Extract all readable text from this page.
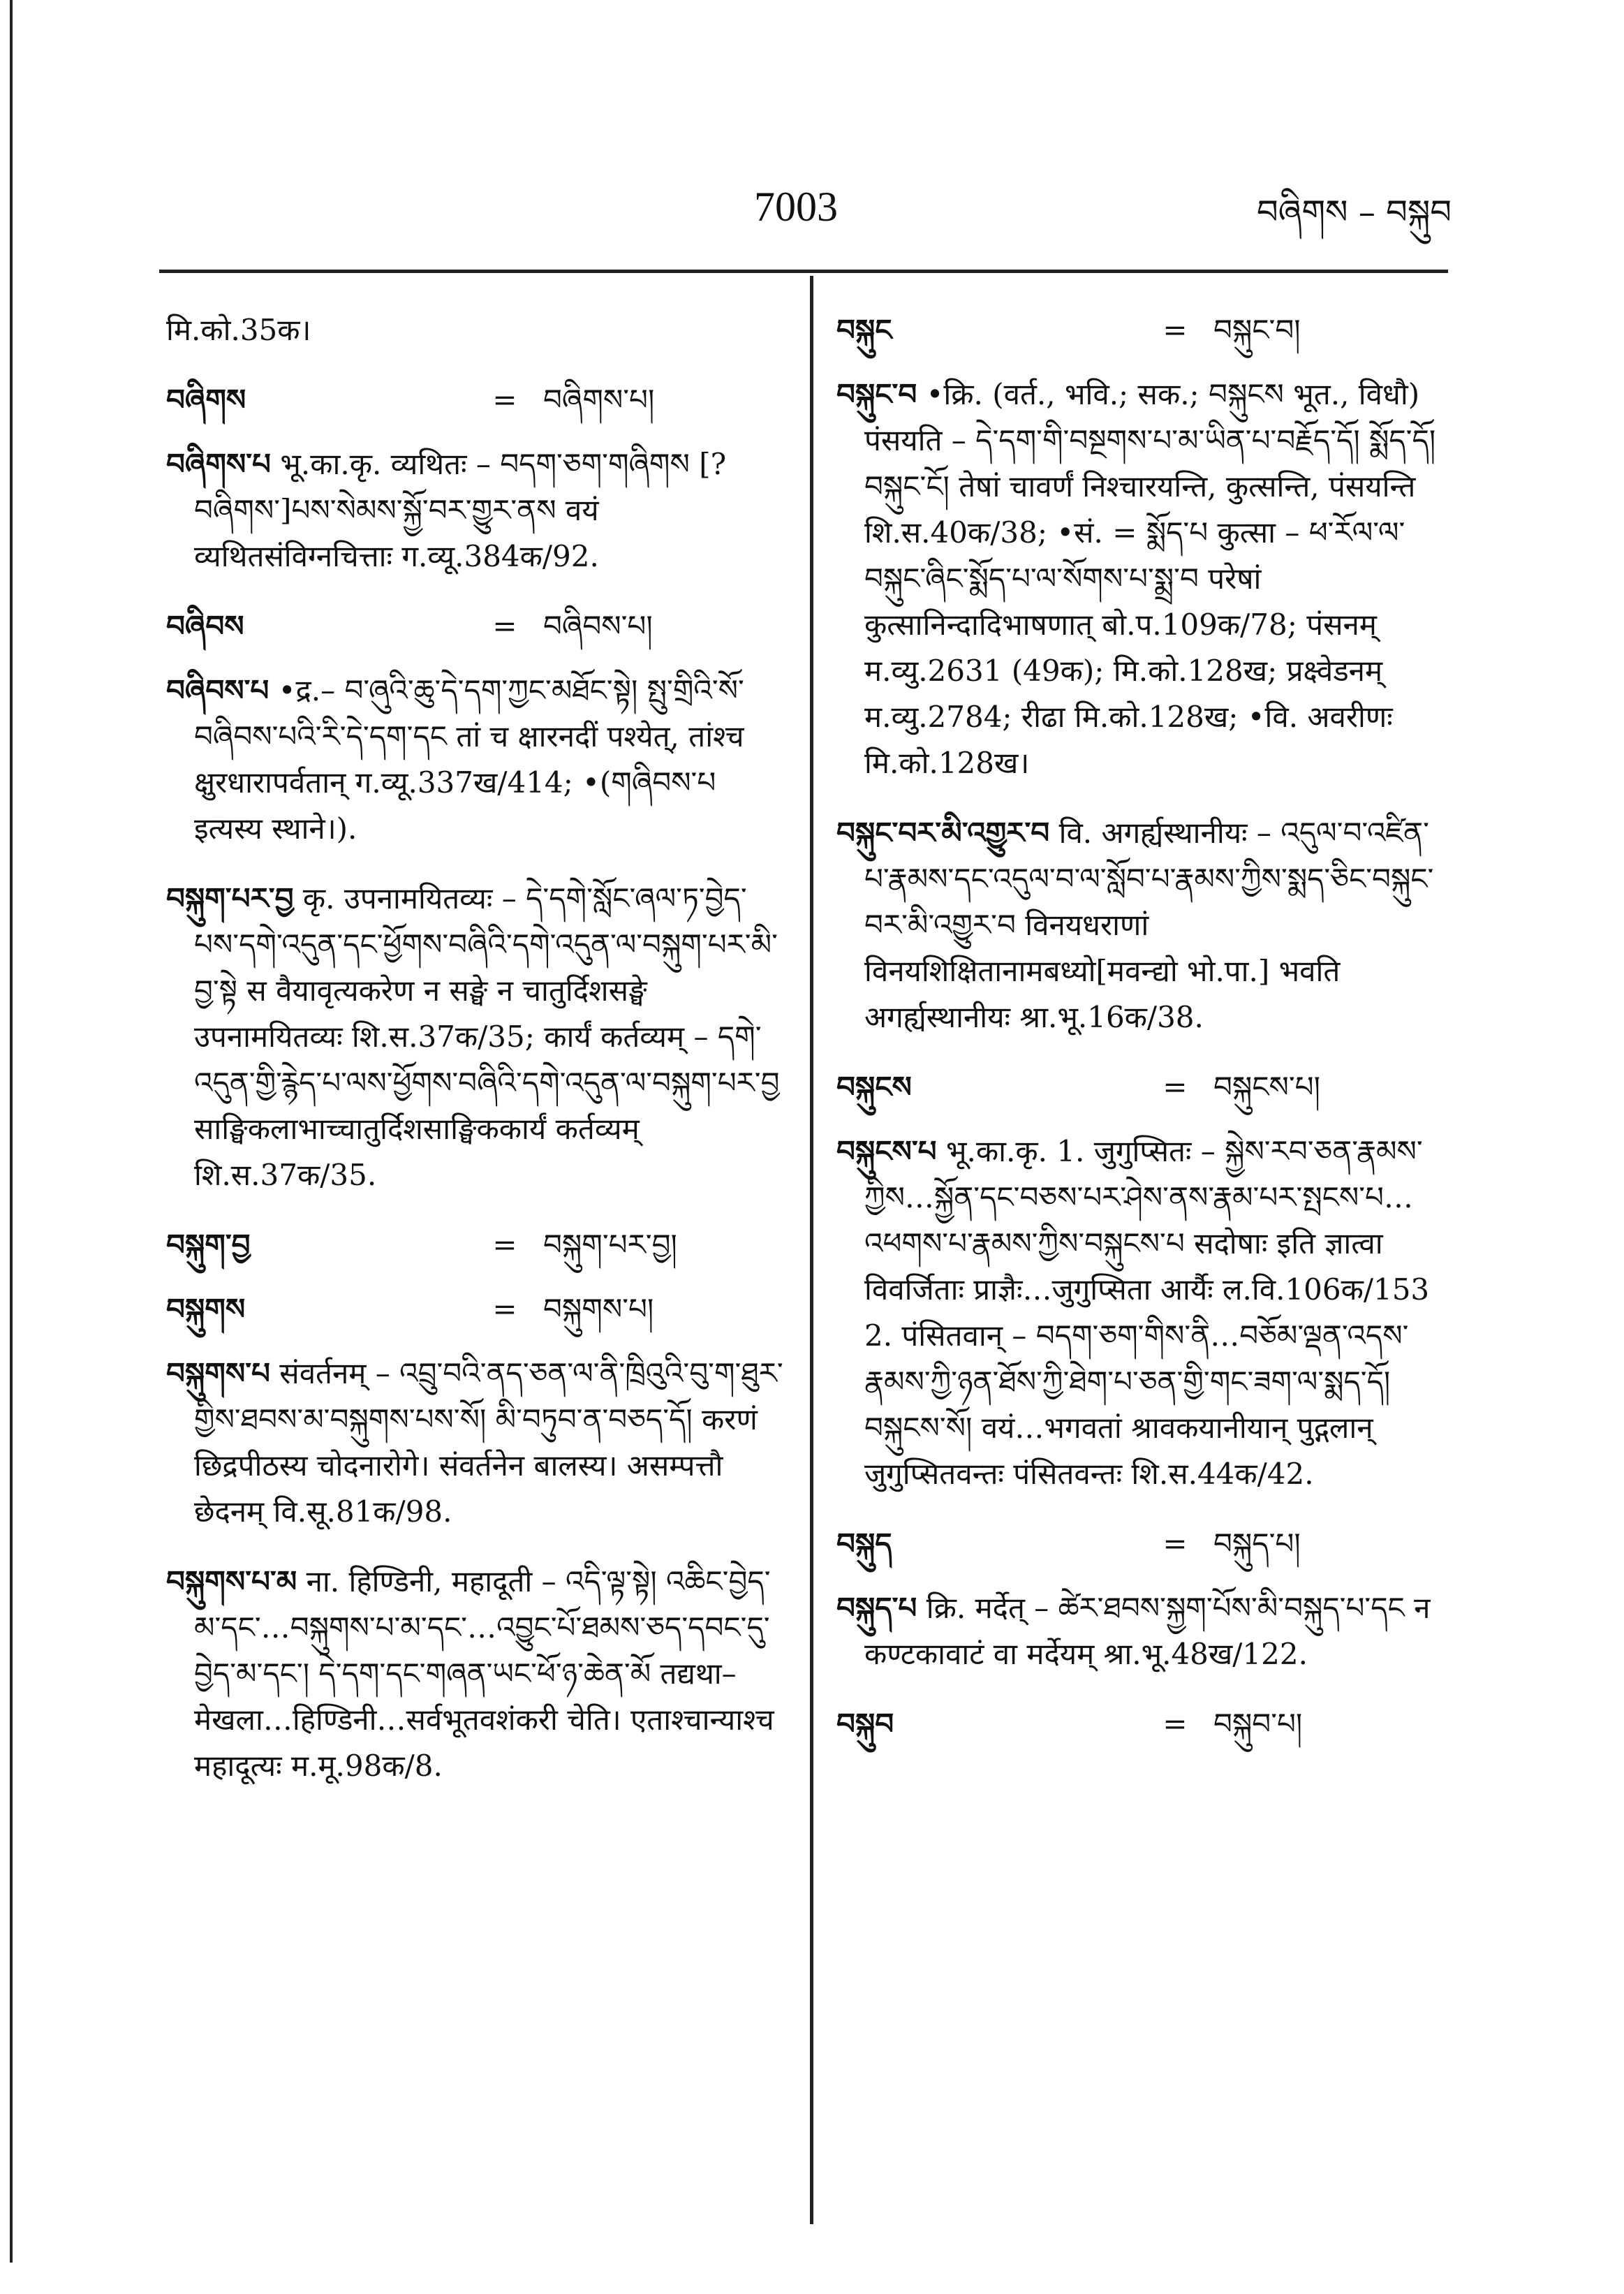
7003	བཞིགས – བསྐུབ
मि.को.35क।
བཞིགས	= བཞིགས་པ།
བཞིགས་པ भू.का.कृ. व्यथितः – བདག་ཅག་གཞིགས [? བཞིགས་]པས་སེམས་སྐྱོ་བར་གྱུར་ནས वयं व्यथितसंविग्नचित्ताः ग.व्यू.384क/92.
བཞིབས	= བཞིབས་པ།
བཞིབས་པ •द्र.– བ་ཞུའི་ཆུ་དེ་དག་ཀྱང་མཐོང་སྟེ། སྤུ་གྲིའི་སོ་བཞིབས་པའི་རི་དེ་དག་དང तां च क्षारनदीं पश्येत्, तांश्च क्षुरधारापर्वतान् ग.व्यू.337ख/414; •(གཞིབས་པ इत्यस्य स्थाने।).
བསྐུག་པར་བྱ कृ. उपनामयितव्यः – དེ་དགེ་སློང་ཞལ་ཏ་བྱེད་པས་དགེ་འདུན་དང་ཕྱོགས་བཞིའི་དགེ་འདུན་ལ་བསྐུག་པར་མི་བྱ་སྟེ स वैयावृत्यकरेण न सङ्घे न चातुर्दिशसङ्घे उपनामयितव्यः शि.स.37क/35; कार्यं कर्तव्यम् – དགེ་འདུན་གྱི་རྙེད་པ་ལས་ཕྱོགས་བཞིའི་དགེ་འདུན་ལ་བསྐུག་པར་བྱ साङ्घिकलाभाच्चातुर्दिशसाङ्घिककार्यं कर्तव्यम् शि.स.37क/35.
བསྐུག་བྱ	= བསྐུག་པར་བྱ།
བསྐུགས	= བསྐུགས་པ།
བསྐུགས་པ संवर्तनम् – འབྲུ་བའི་ནད་ཅན་ལ་ནི་ཁྲིའུའི་བུ་ག་ཐུར་གྱིས་ཐབས་མ་བསྐུགས་པས་སོ། མི་བཏུབ་ན་བཅད་དོ། करणं छिद्रपीठस्य चोदनारोगे। संवर्तनेन बालस्य। असम्पत्तौ छेदनम् वि.सू.81क/98.
བསྐུགས་པ་མ ना. हिण्डिनी, महादूती – འདི་ལྟ་སྟེ། འཆིང་བྱེད་མ་དང་…བསྐུགས་པ་མ་དང་…འབྱུང་པོ་ཐམས་ཅད་དབང་དུ་བྱེད་མ་དང་། དེ་དག་དང་གཞན་ཡང་ཕོ་ཉ་ཆེན་མོ तद्यथा–मेखला…हिण्डिनी…सर्वभूतवशंकरी चेति। एताश्चान्याश्च महादूत्यः म.मू.98क/8.
བསྐུང	= བསྐུང་བ།
བསྐུང་བ •क्रि. (वर्त., भवि.; सक.; བསྐུངས भूत., विधौ) पंसयति – དེ་དག་གི་བསྔགས་པ་མ་ཡིན་པ་བརྗོད་དོ། སྨོད་དོ། བསྐུང་ངོ། तेषां चावर्णं निश्चारयन्ति, कुत्सन्ति, पंसयन्ति शि.स.40क/38; •सं. = སྨོད་པ कुत्सा – ཕ་རོལ་ལ་བསྐུང་ཞིང་སྨོད་པ་ལ་སོགས་པ་སྨྲ་བ परेषां कुत्सानिन्दादिभाषणात् बो.प.109क/78; पंसनम् म.व्यु.2631 (49क); मि.को.128ख; प्रक्ष्वेडनम् म.व्यु.2784; रीढा मि.को.128ख; •वि. अवरीणः मि.को.128ख।
བསྐུང་བར་མི་འགྱུར་བ वि. अगर्ह्यस्थानीयः – འདུལ་བ་འཛིན་པ་རྣམས་དང་འདུལ་བ་ལ་སློབ་པ་རྣམས་ཀྱིས་སྨད་ཅིང་བསྐུང་བར་མི་འགྱུར་བ विनयधराणां विनयशिक्षितानामबध्यो[मवन्द्यो भो.पा.] भवति अगर्ह्यस्थानीयः श्रा.भू.16क/38.
བསྐུངས	= བསྐུངས་པ།
བསྐུངས་པ भू.का.कृ. 1. जुगुप्सितः – སྐྱེས་རབ་ཅན་རྣམས་ཀྱིས…སྐྱོན་དང་བཅས་པར་ཤེས་ནས་རྣམ་པར་སྤངས་པ…འཕགས་པ་རྣམས་ཀྱིས་བསྐུངས་པ सदोषाः इति ज्ञात्वा विवर्जिताः प्राज्ञैः…जुगुप्सिता आर्यैः ल.वि.106क/153 2. पंसितवान् – བདག་ཅག་གིས་ནི…བཅོམ་ལྡན་འདས་རྣམས་ཀྱི་ཉན་ཐོས་ཀྱི་ཐེག་པ་ཅན་གྱི་གང་ཟག་ལ་སྨད་དོ། བསྐུངས་སོ། वयं…भगवतां श्रावकयानीयान् पुद्गलान् जुगुप्सितवन्तः पंसितवन्तः शि.स.44क/42.
བསྐུད	= བསྐུད་པ།
བསྐུད་པ क्रि. मर्देत् – ཚེར་ཐབས་སྐྱག་པོས་མི་བསྐུད་པ་དང न कण्टकावाटं वा मर्देयम् श्रा.भू.48ख/122.
བསྐུབ	= བསྐུབ་པ།
